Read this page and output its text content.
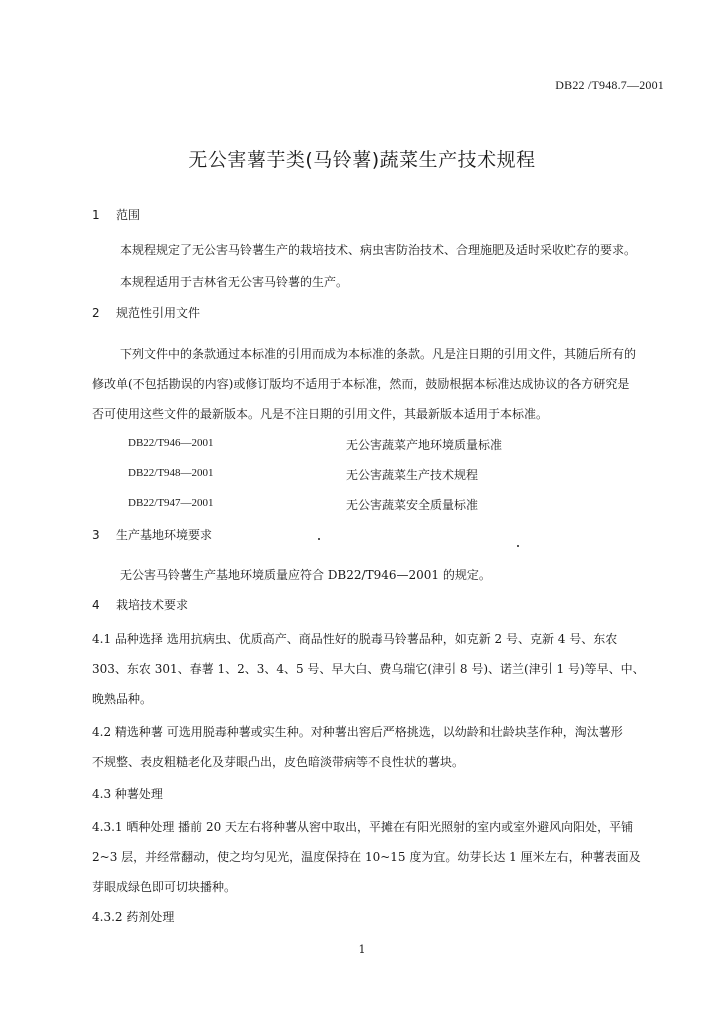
DB22 /T948.7—2001
无公害薯芋类(马铃薯)蔬菜生产技术规程
1 范围
本规程规定了无公害马铃薯生产的栽培技术、病虫害防治技术、合理施肥及适时采收贮存的要求。
本规程适用于吉林省无公害马铃薯的生产。
2 规范性引用文件
下列文件中的条款通过本标准的引用而成为本标准的条款。凡是注日期的引用文件，其随后所有的
修改单(不包括勘误的内容)或修订版均不适用于本标准，然而，鼓励根据本标准达成协议的各方研究是
否可使用这些文件的最新版本。凡是不注日期的引用文件，其最新版本适用于本标准。
DB22/T946—2001	无公害蔬菜产地环境质量标准
DB22/T948—2001	无公害蔬菜生产技术规程
DB22/T947—2001	无公害蔬菜安全质量标准
3 生产基地环境要求
无公害马铃薯生产基地环境质量应符合 DB22/T946—2001 的规定。
4 栽培技术要求
4.1 品种选择 选用抗病虫、优质高产、商品性好的脱毒马铃薯品种，如克新 2 号、克新 4 号、东农
303、东农 301、春薯 1、2、3、4、5 号、早大白、费乌瑞它(津引 8 号)、诺兰(津引 1 号)等早、中、
晚熟品种。
4.2 精选种薯 可选用脱毒种薯或实生种。对种薯出窖后严格挑选，以幼龄和壮龄块茎作种，淘汰薯形
不规整、表皮粗糙老化及芽眼凸出，皮色暗淡带病等不良性状的薯块。
4.3 种薯处理
4.3.1 晒种处理 播前 20 天左右将种薯从窖中取出，平摊在有阳光照射的室内或室外避风向阳处，平铺
2~3 层，并经常翻动，使之均匀见光，温度保持在 10~15 度为宜。幼芽长达 1 厘米左右，种薯表面及
芽眼成绿色即可切块播种。
4.3.2 药剂处理
1
